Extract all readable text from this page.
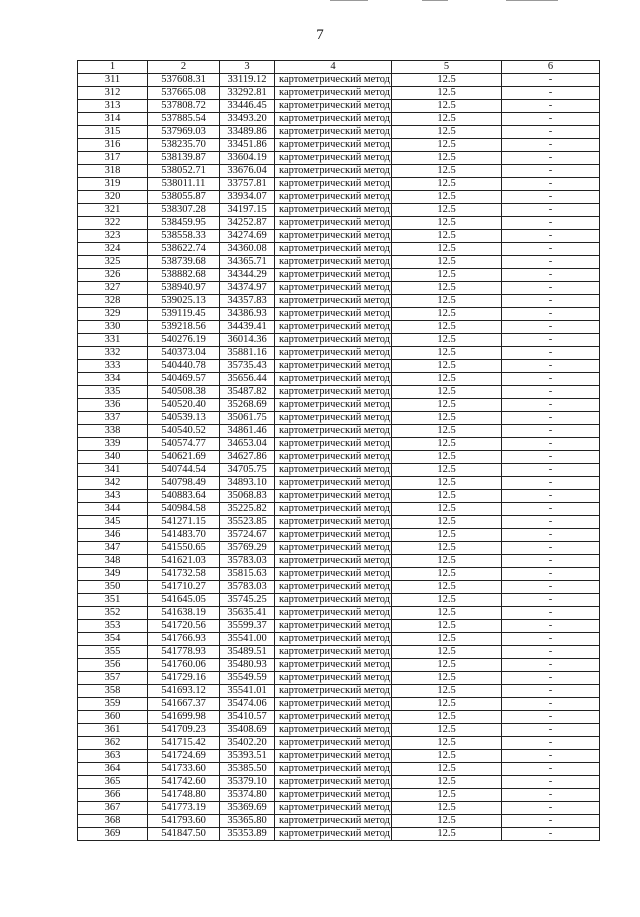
7
1	2	3	4	5	6
311	537608.31	33119.12	картометрический метод	12.5	-
312	537665.08	33292.81	картометрический метод	12.5	-
313	537808.72	33446.45	картометрический метод	12.5	-
314	537885.54	33493.20	картометрический метод	12.5	-
315	537969.03	33489.86	картометрический метод	12.5	-
316	538235.70	33451.86	картометрический метод	12.5	-
317	538139.87	33604.19	картометрический метод	12.5	-
318	538052.71	33676.04	картометрический метод	12.5	-
319	538011.11	33757.81	картометрический метод	12.5	-
320	538055.87	33934.07	картометрический метод	12.5	-
321	538307.28	34197.15	картометрический метод	12.5	-
322	538459.95	34252.87	картометрический метод	12.5	-
323	538558.33	34274.69	картометрический метод	12.5	-
324	538622.74	34360.08	картометрический метод	12.5	-
325	538739.68	34365.71	картометрический метод	12.5	-
326	538882.68	34344.29	картометрический метод	12.5	-
327	538940.97	34374.97	картометрический метод	12.5	-
328	539025.13	34357.83	картометрический метод	12.5	-
329	539119.45	34386.93	картометрический метод	12.5	-
330	539218.56	34439.41	картометрический метод	12.5	-
331	540276.19	36014.36	картометрический метод	12.5	-
332	540373.04	35881.16	картометрический метод	12.5	-
333	540440.78	35735.43	картометрический метод	12.5	-
334	540469.57	35656.44	картометрический метод	12.5	-
335	540508.38	35487.82	картометрический метод	12.5	-
336	540520.40	35268.69	картометрический метод	12.5	-
337	540539.13	35061.75	картометрический метод	12.5	-
338	540540.52	34861.46	картометрический метод	12.5	-
339	540574.77	34653.04	картометрический метод	12.5	-
340	540621.69	34627.86	картометрический метод	12.5	-
341	540744.54	34705.75	картометрический метод	12.5	-
342	540798.49	34893.10	картометрический метод	12.5	-
343	540883.64	35068.83	картометрический метод	12.5	-
344	540984.58	35225.82	картометрический метод	12.5	-
345	541271.15	35523.85	картометрический метод	12.5	-
346	541483.70	35724.67	картометрический метод	12.5	-
347	541550.65	35769.29	картометрический метод	12.5	-
348	541621.03	35783.03	картометрический метод	12.5	-
349	541732.58	35815.63	картометрический метод	12.5	-
350	541710.27	35783.03	картометрический метод	12.5	-
351	541645.05	35745.25	картометрический метод	12.5	-
352	541638.19	35635.41	картометрический метод	12.5	-
353	541720.56	35599.37	картометрический метод	12.5	-
354	541766.93	35541.00	картометрический метод	12.5	-
355	541778.93	35489.51	картометрический метод	12.5	-
356	541760.06	35480.93	картометрический метод	12.5	-
357	541729.16	35549.59	картометрический метод	12.5	-
358	541693.12	35541.01	картометрический метод	12.5	-
359	541667.37	35474.06	картометрический метод	12.5	-
360	541699.98	35410.57	картометрический метод	12.5	-
361	541709.23	35408.69	картометрический метод	12.5	-
362	541715.42	35402.20	картометрический метод	12.5	-
363	541724.69	35393.51	картометрический метод	12.5	-
364	541733.60	35385.50	картометрический метод	12.5	-
365	541742.60	35379.10	картометрический метод	12.5	-
366	541748.80	35374.80	картометрический метод	12.5	-
367	541773.19	35369.69	картометрический метод	12.5	-
368	541793.60	35365.80	картометрический метод	12.5	-
369	541847.50	35353.89	картометрический метод	12.5	-
